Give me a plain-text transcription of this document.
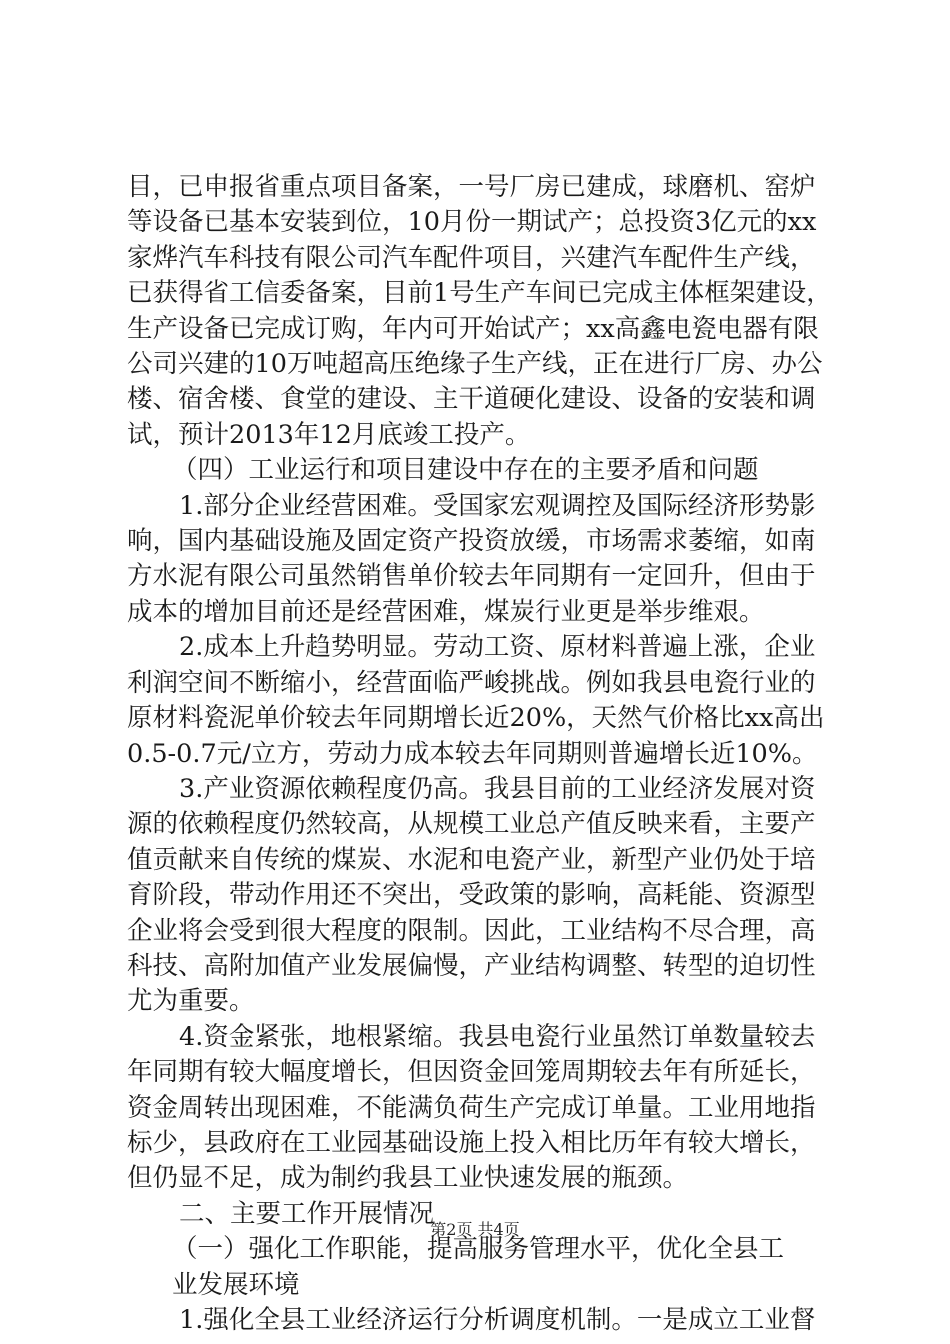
目，已申报省重点项目备案，一号厂房已建成，球磨机、窑炉
等设备已基本安装到位，10月份一期试产；总投资3亿元的xx
家烨汽车科技有限公司汽车配件项目，兴建汽车配件生产线，
已获得省工信委备案，目前1号生产车间已完成主体框架建设，
生产设备已完成订购，年内可开始试产；xx高鑫电瓷电器有限
公司兴建的10万吨超高压绝缘子生产线，正在进行厂房、办公
楼、宿舍楼、食堂的建设、主干道硬化建设、设备的安装和调
试，预计2013年12月底竣工投产。
（四）工业运行和项目建设中存在的主要矛盾和问题
1.部分企业经营困难。受国家宏观调控及国际经济形势影
响，国内基础设施及固定资产投资放缓，市场需求萎缩，如南
方水泥有限公司虽然销售单价较去年同期有一定回升，但由于
成本的增加目前还是经营困难，煤炭行业更是举步维艰。
2.成本上升趋势明显。劳动工资、原材料普遍上涨，企业
利润空间不断缩小，经营面临严峻挑战。例如我县电瓷行业的
原材料瓷泥单价较去年同期增长近20%，天然气价格比xx高出
0.5-0.7元/立方，劳动力成本较去年同期则普遍增长近10%。
3.产业资源依赖程度仍高。我县目前的工业经济发展对资
源的依赖程度仍然较高，从规模工业总产值反映来看，主要产
值贡献来自传统的煤炭、水泥和电瓷产业，新型产业仍处于培
育阶段，带动作用还不突出，受政策的影响，高耗能、资源型
企业将会受到很大程度的限制。因此，工业结构不尽合理，高
科技、高附加值产业发展偏慢，产业结构调整、转型的迫切性
尤为重要。
4.资金紧张，地根紧缩。我县电瓷行业虽然订单数量较去
年同期有较大幅度增长，但因资金回笼周期较去年有所延长，
资金周转出现困难，不能满负荷生产完成订单量。工业用地指
标少，县政府在工业园基础设施上投入相比历年有较大增长，
但仍显不足，成为制约我县工业快速发展的瓶颈。
二、主要工作开展情况
（一）强化工作职能，提高服务管理水平，优化全县工
业发展环境
1.强化全县工业经济运行分析调度机制。一是成立工业督
第2页 共4页
